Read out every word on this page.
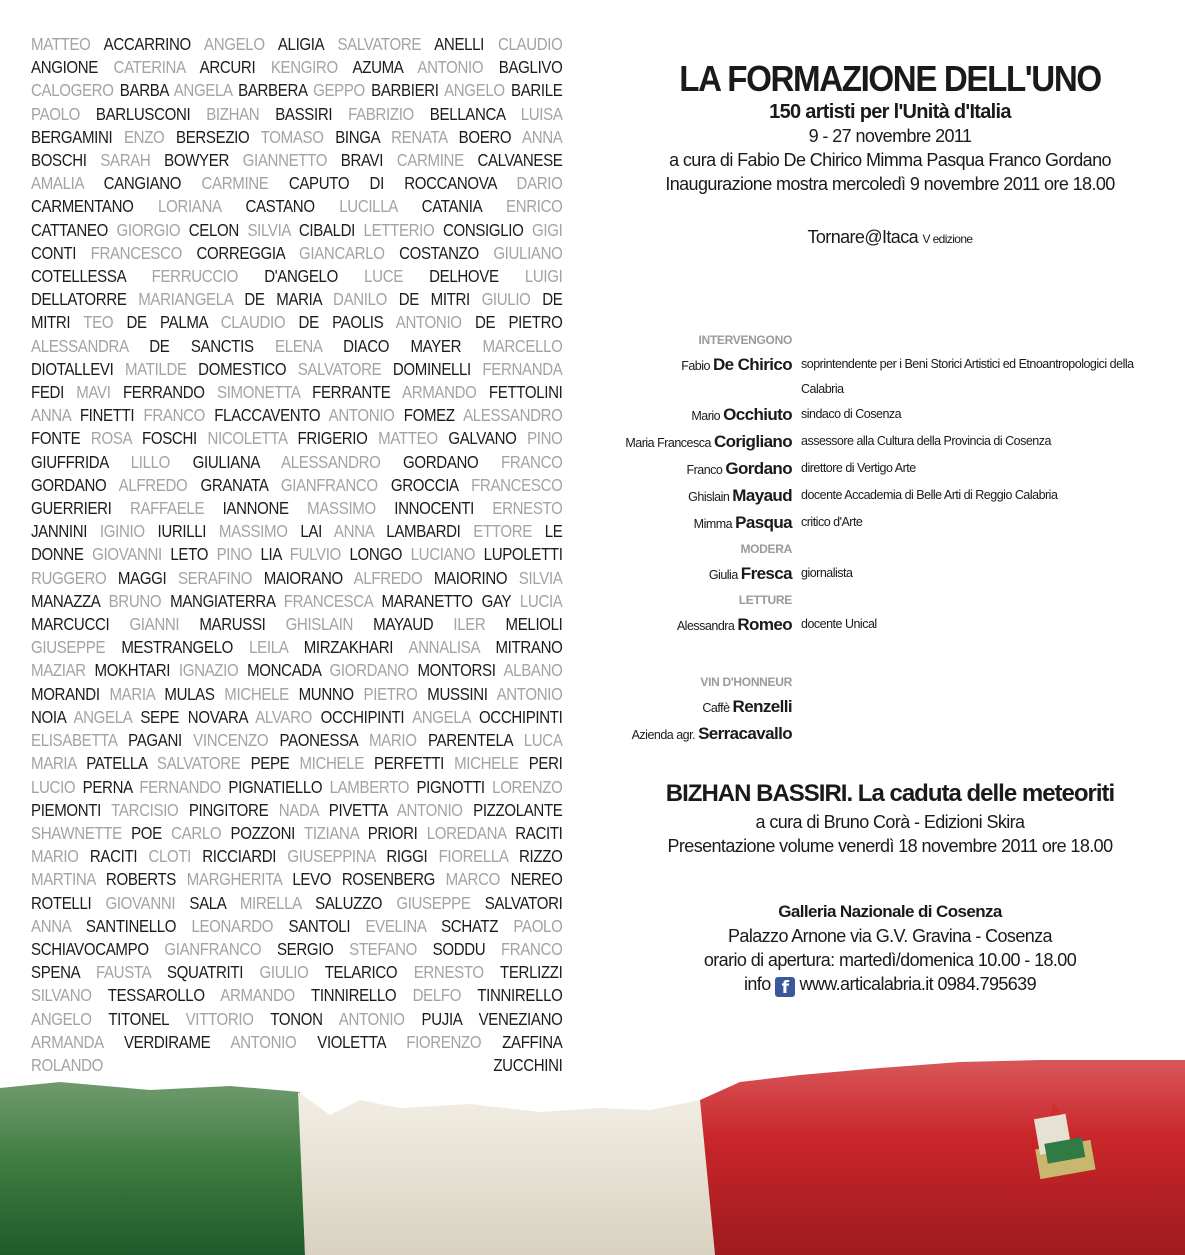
MATTEO ACCARRINO ANGELO ALIGIA SALVATORE ANELLI CLAUDIO
ANGIONE CATERINA ARCURI KENGIRO AZUMA ANTONIO BAGLIVO
CALOGERO BARBA ANGELA BARBERA GEPPO BARBIERI ANGELO BARILE
PAOLO BARLUSCONI BIZHAN BASSIRI FABRIZIO BELLANCA LUISA
BERGAMINI ENZO BERSEZIO TOMASO BINGA RENATA BOERO ANNA
BOSCHI SARAH BOWYER GIANNETTO BRAVI CARMINE CALVANESE
AMALIA CANGIANO CARMINE CAPUTO DI ROCCANOVA DARIO
CARMENTANO LORIANA CASTANO LUCILLA CATANIA ENRICO
CATTANEO GIORGIO CELON SILVIA CIBALDI LETTERIO CONSIGLIO GIGI
CONTI FRANCESCO CORREGGIA GIANCARLO COSTANZO GIULIANO
COTELLESSA FERRUCCIO D'ANGELO LUCE DELHOVE LUIGI
DELLATORRE MARIANGELA DE MARIA DANILO DE MITRI GIULIO DE
MITRI TEO DE PALMA CLAUDIO DE PAOLIS ANTONIO DE PIETRO
ALESSANDRA DE SANCTIS ELENA DIACO MAYER MARCELLO
DIOTALLEVI MATILDE DOMESTICO SALVATORE DOMINELLI FERNANDA
FEDI MAVI FERRANDO SIMONETTA FERRANTE ARMANDO FETTOLINI
ANNA FINETTI FRANCO FLACCAVENTO ANTONIO FOMEZ ALESSANDRO
FONTE ROSA FOSCHI NICOLETTA FRIGERIO MATTEO GALVANO PINO
GIUFFRIDA LILLO GIULIANA ALESSANDRO GORDANO FRANCO
GORDANO ALFREDO GRANATA GIANFRANCO GROCCIA FRANCESCO
GUERRIERI RAFFAELE IANNONE MASSIMO INNOCENTI ERNESTO
JANNINI IGINIO IURILLI MASSIMO LAI ANNA LAMBARDI ETTORE LE
DONNE GIOVANNI LETO PINO LIA FULVIO LONGO LUCIANO LUPOLETTI
RUGGERO MAGGI SERAFINO MAIORANO ALFREDO MAIORINO SILVIA
MANAZZA BRUNO MANGIATERRA FRANCESCA MARANETTO GAY LUCIA
MARCUCCI GIANNI MARUSSI GHISLAIN MAYAUD ILER MELIOLI
GIUSEPPE MESTRANGELO LEILA MIRZAKHARI ANNALISA MITRANO
MAZIAR MOKHTARI IGNAZIO MONCADA GIORDANO MONTORSI ALBANO
MORANDI MARIA MULAS MICHELE MUNNO PIETRO MUSSINI ANTONIO
NOIA ANGELA SEPE NOVARA ALVARO OCCHIPINTI ANGELA OCCHIPINTI
ELISABETTA PAGANI VINCENZO PAONESSA MARIO PARENTELA LUCA
MARIA PATELLA SALVATORE PEPE MICHELE PERFETTI MICHELE PERI
LUCIO PERNA FERNANDO PIGNATIELLO LAMBERTO PIGNOTTI LORENZO
PIEMONTI TARCISIO PINGITORE NADA PIVETTA ANTONIO PIZZOLANTE
SHAWNETTE POE CARLO POZZONI TIZIANA PRIORI LOREDANA RACITI
MARIO RACITI CLOTI RICCIARDI GIUSEPPINA RIGGI FIORELLA RIZZO
MARTINA ROBERTS MARGHERITA LEVO ROSENBERG MARCO NEREO
ROTELLI GIOVANNI SALA MIRELLA SALUZZO GIUSEPPE SALVATORI
ANNA SANTINELLO LEONARDO SANTOLI EVELINA SCHATZ PAOLO
SCHIAVOCAMPO GIANFRANCO SERGIO STEFANO SODDU FRANCO
SPENA FAUSTA SQUATRITI GIULIO TELARICO ERNESTO TERLIZZI
SILVANO TESSAROLLO ARMANDO TINNIRELLO DELFO TINNIRELLO
ANGELO TITONEL VITTORIO TONON ANTONIO PUJIA VENEZIANO
ARMANDA VERDIRAME ANTONIO VIOLETTA FIORENZO ZAFFINA
ROLANDO	ZUCCHINI
LA FORMAZIONE DELL'UNO

150 artisti per l'Unità d'Italia

9 - 27 novembre 2011

a cura di Fabio De Chirico Mimma Pasqua Franco Gordano

Inaugurazione mostra mercoledì 9 novembre 2011 ore 18.00

Tornare@Itaca V edizione
INTERVENGONO
Fabio De Chirico soprintendente per i Beni Storici Artistici ed Etnoantropologici della Calabria
Mario Occhiuto sindaco di Cosenza
Maria Francesca Corigliano assessore alla Cultura della Provincia di Cosenza
Franco Gordano direttore di Vertigo Arte
Ghislain Mayaud docente Accademia di Belle Arti di Reggio Calabria
Mimma Pasqua critico d'Arte
MODERA
Giulia Fresca giornalista
LETTURE
Alessandra Romeo docente Unical
VIN D'HONNEUR
Caffè Renzelli
Azienda agr. Serracavallo
BIZHAN BASSIRI. La caduta delle meteoriti

a cura di Bruno Corà - Edizioni Skira

Presentazione volume venerdì 18 novembre 2011 ore 18.00

Galleria Nazionale di Cosenza

Palazzo Arnone via G.V. Gravina - Cosenza

orario di apertura: martedì/domenica 10.00 - 18.00

info f www.articalabria.it 0984.795639
